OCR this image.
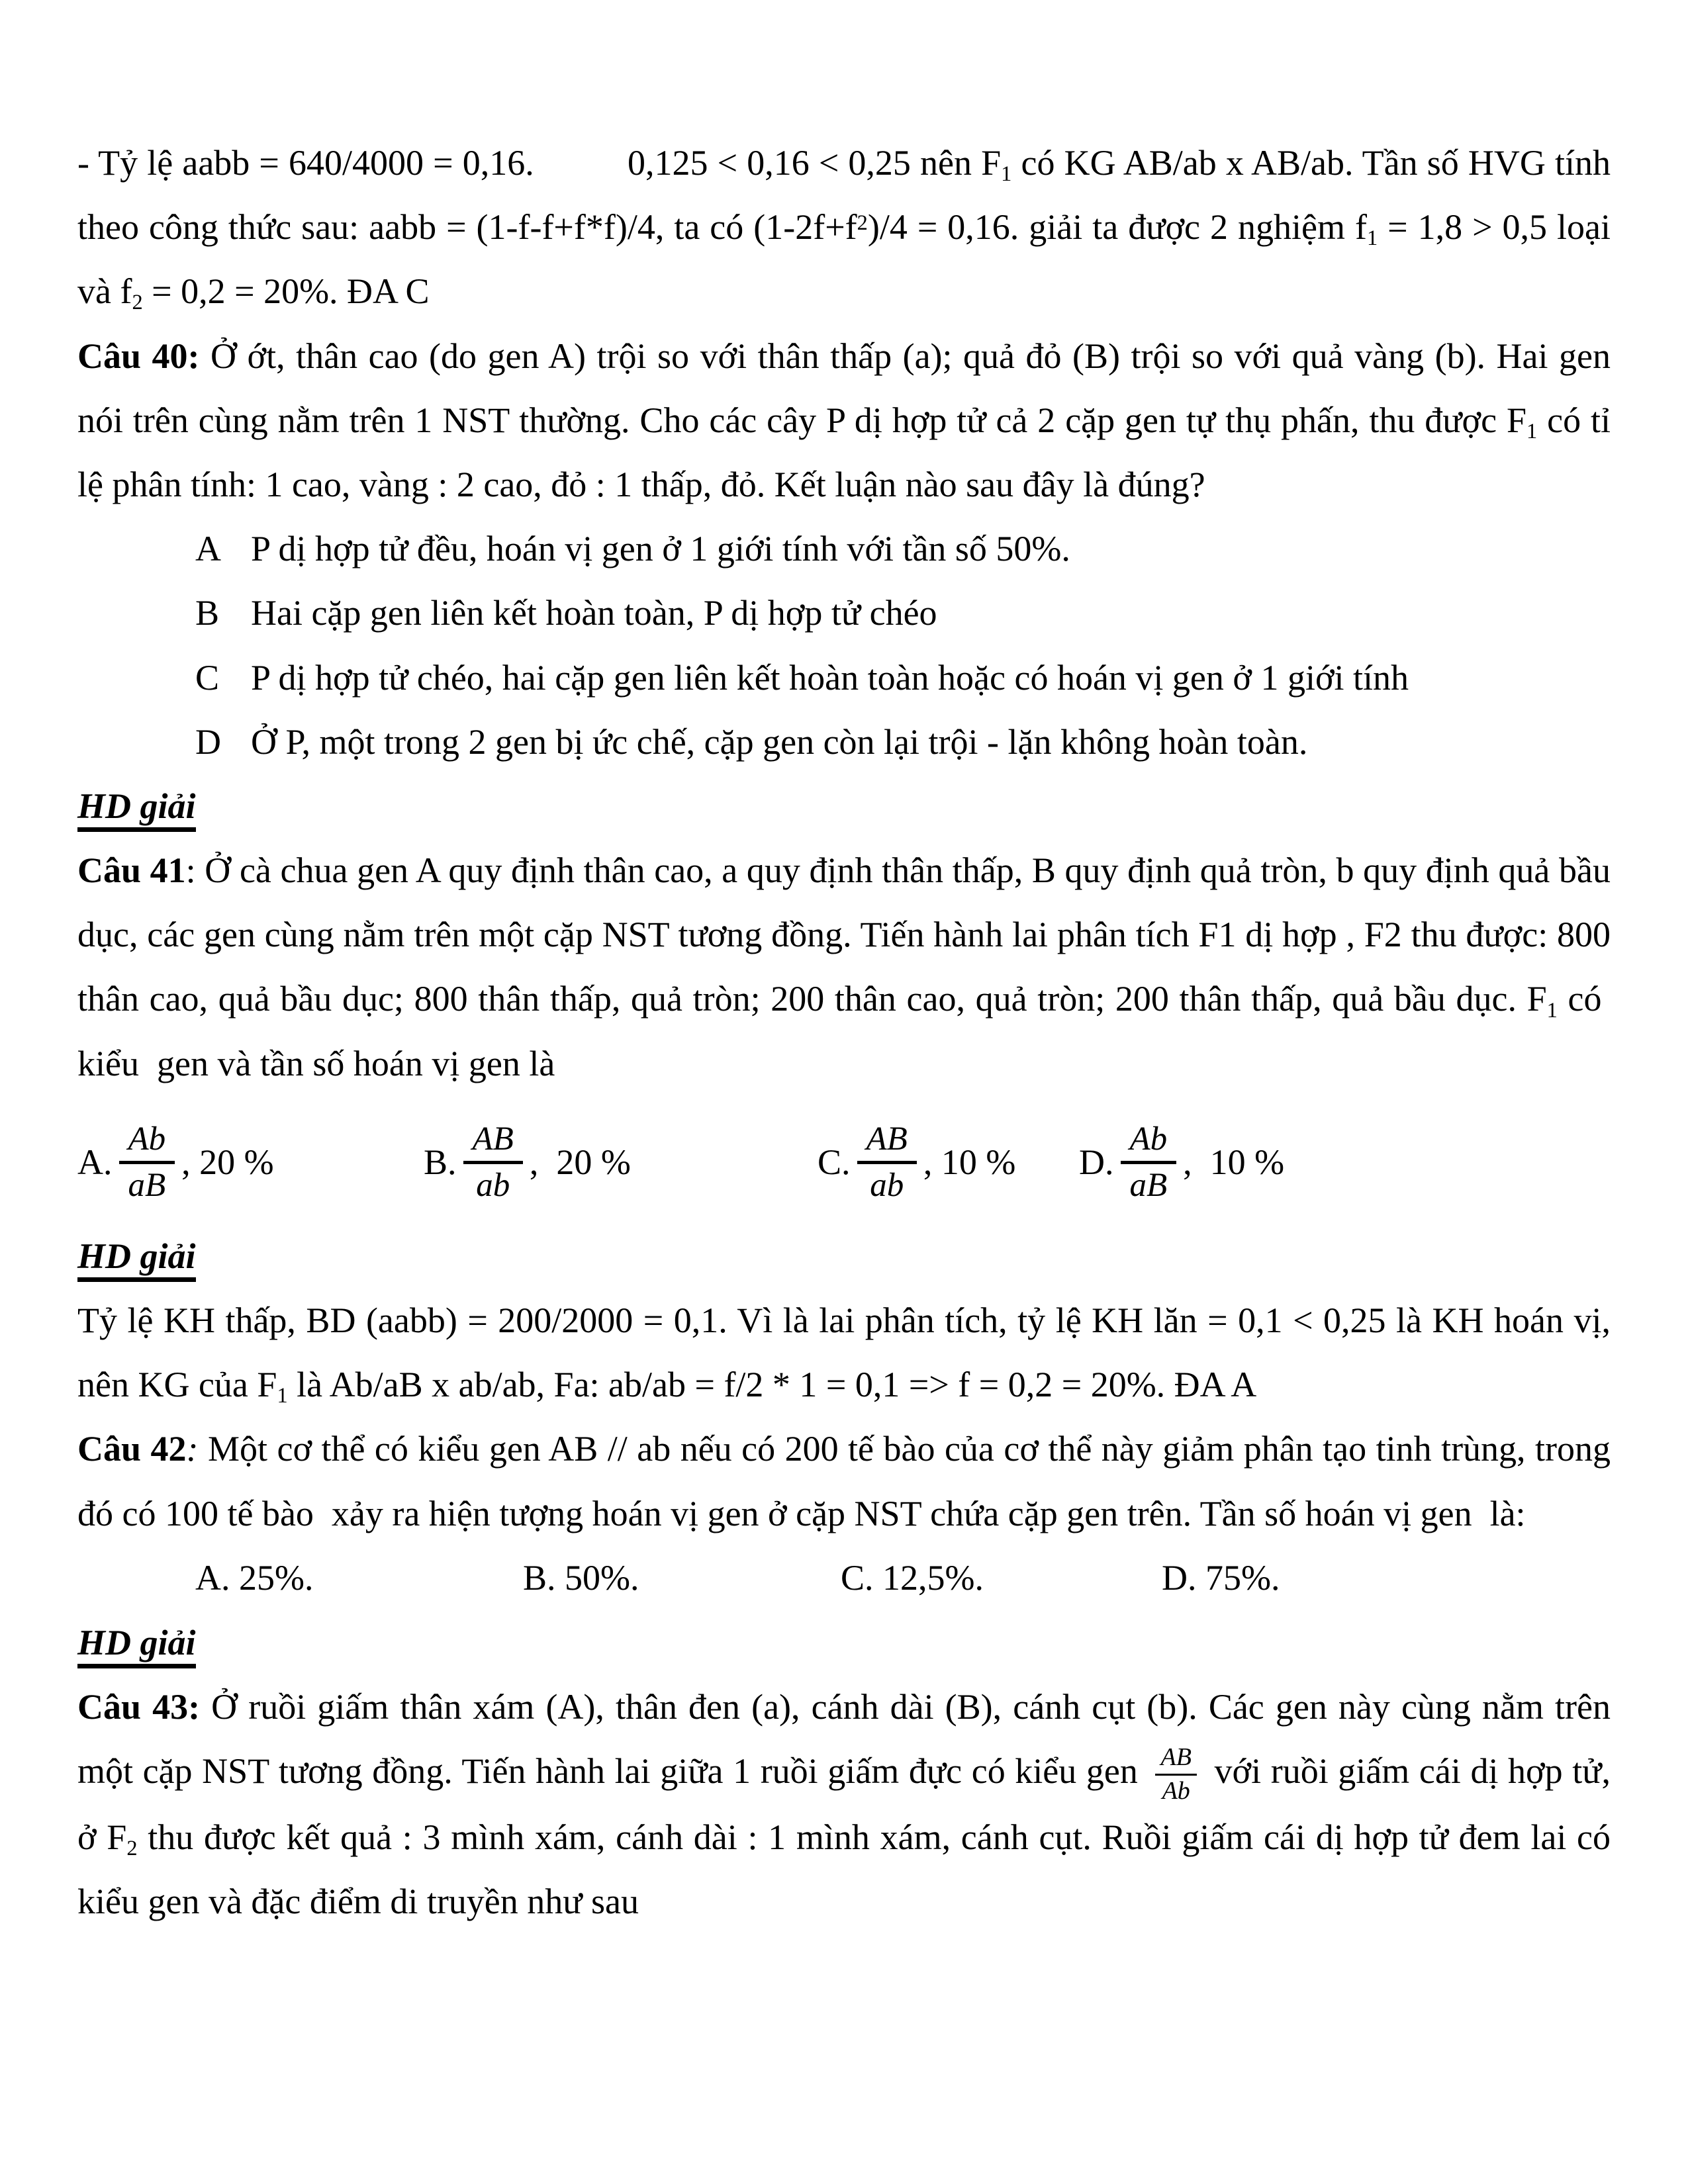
- Tỷ lệ aabb = 640/4000 = 0,16.          0,125 < 0,16 < 0,25 nên $F_1$ có KG AB/ab x AB/ab. Tần số HVG tính theo công thức sau: aabb = (1-f-f+f*f)/4, ta có $(1-2f+f^2)/4 = 0,16$. giải ta được 2 nghiệm $f_1 = 1,8 > 0,5$ loại và $f_2 = 0,2 = 20\%$. ĐA C

Câu 40: Ở ớt, thân cao (do gen A) trội so với thân thấp (a); quả đỏ (B) trội so với quả vàng (b). Hai gen nói trên cùng nằm trên 1 NST thường. Cho các cây P dị hợp tử cả 2 cặp gen tự thụ phấn, thu được $F_1$ có tỉ lệ phân tính: 1 cao, vàng : 2 cao, đỏ : 1 thấp, đỏ. Kết luận nào sau đây là đúng?

A P dị hợp tử đều, hoán vị gen ở 1 giới tính với tần số 50%.
B Hai cặp gen liên kết hoàn toàn, P dị hợp tử chéo
C P dị hợp tử chéo, hai cặp gen liên kết hoàn toàn hoặc có hoán vị gen ở 1 giới tính
D Ở P, một trong 2 gen bị ức chế, cặp gen còn lại trội - lặn không hoàn toàn.

HD giải

Câu 41: Ở cà chua gen A quy định thân cao, a quy định thân thấp, B quy định quả tròn, b quy định quả bầu dục, các gen cùng nằm trên một cặp NST tương đồng. Tiến hành lai phân tích F1 dị hợp , F2 thu được: 800 thân cao, quả bầu dục; 800 thân thấp, quả tròn; 200 thân cao, quả tròn; 200 thân thấp, quả bầu dục. $F_1$ có  kiểu  gen và tần số hoán vị gen là

A. $\frac{Ab}{aB}$ , 20 %	B. $\frac{AB}{ab}$ ,  20 %	C. $\frac{AB}{ab}$ , 10 % D. $\frac{Ab}{aB}$ ,  10 %

HD giải

Tỷ lệ KH thấp, BD (aabb) = 200/2000 = 0,1. Vì là lai phân tích, tỷ lệ KH lăn = 0,1 < 0,25 là KH hoán vị, nên KG của $F_1$ là Ab/aB x ab/ab, Fa: ab/ab = f/2 * 1 = 0,1 => f = 0,2 = 20%. ĐA A

Câu 42: Một cơ thể có kiểu gen AB // ab nếu có 200 tế bào của cơ thể này giảm phân tạo tinh trùng, trong đó có 100 tế bào  xảy ra hiện tượng hoán vị gen ở cặp NST chứa cặp gen trên. Tần số hoán vị gen  là:

A. 25%.	B. 50%.	C. 12,5%.	D. 75%.

HD giải

Câu 43: Ở ruồi giấm thân xám (A), thân đen (a), cánh dài (B), cánh cụt (b). Các gen này cùng nằm trên một cặp NST tương đồng. Tiến hành lai giữa 1 ruồi giấm đực có kiểu gen $\frac{AB}{Ab}$ với ruồi giấm cái dị hợp tử, ở $F_2$ thu được kết quả : 3 mình xám, cánh dài : 1 mình xám, cánh cụt. Ruồi giấm cái dị hợp tử đem lai có kiểu gen và đặc điểm di truyền như sau
